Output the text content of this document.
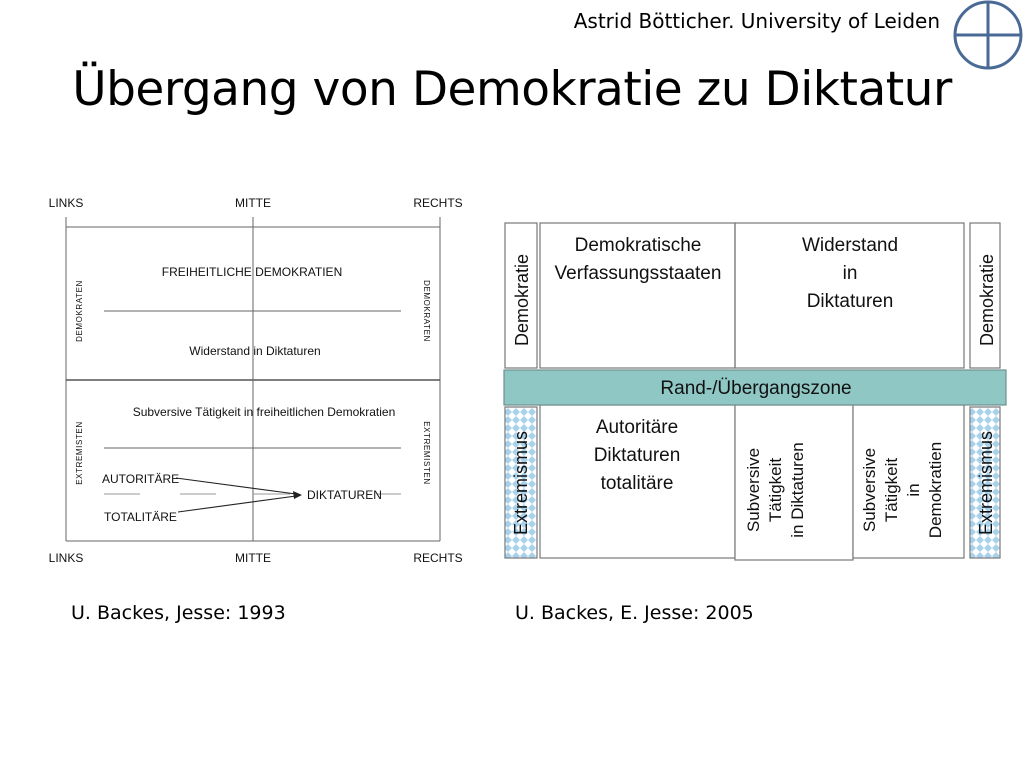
Astrid Bötticher. University of Leiden
Übergang von Demokratie zu Diktatur
LINKS	MITTE	RECHTS
LINKS	MITTE	RECHTS
DEMOKRATEN	DEMOKRATEN
EXTREMISTEN	EXTREMISTEN
FREIHEITLICHE DEMOKRATIEN
Widerstand in Diktaturen
Subversive Tätigkeit in freiheitlichen Demokratien
AUTORITÄRE
TOTALITÄRE
DIKTATUREN
U. Backes, Jesse: 1993
Demokratie	Demokratie
Extremismus	Extremismus
Demokratische
Verfassungsstaaten
Widerstand
in
Diktaturen
Rand-/Übergangszone
Autoritäre
Diktaturen
totalitäre	Subversive Tätigkeit in Diktaturen	Subversive Tätigkeit in Demokratien
U. Backes, E. Jesse: 2005
